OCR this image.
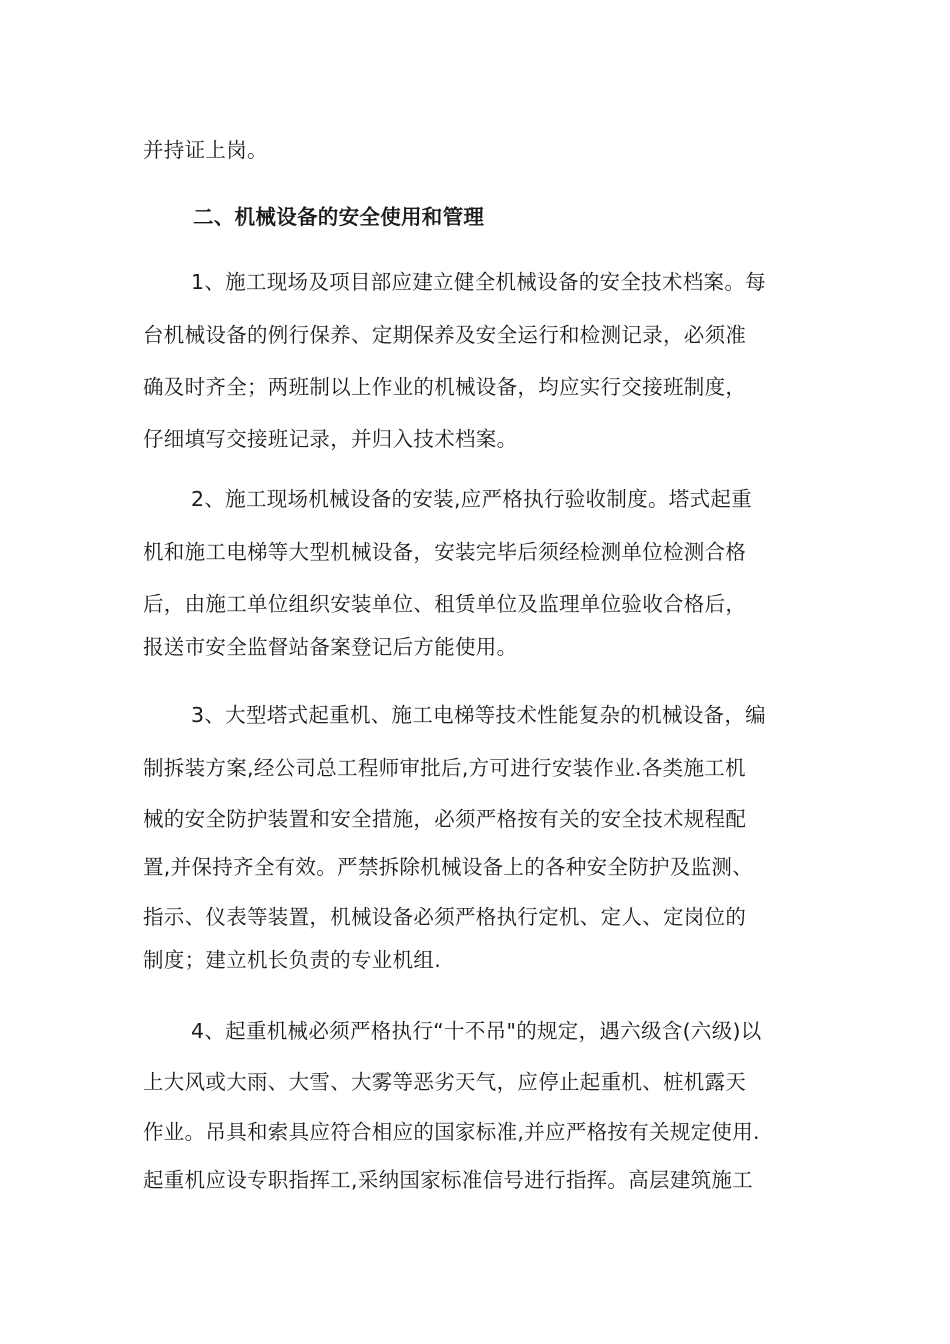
并持证上岗。
二、机械设备的安全使用和管理
1、施工现场及项目部应建立健全机械设备的安全技术档案。每
台机械设备的例行保养、定期保养及安全运行和检测记录，必须准
确及时齐全；两班制以上作业的机械设备，均应实行交接班制度，
仔细填写交接班记录，并归入技术档案。
2、施工现场机械设备的安装,应严格执行验收制度。塔式起重
机和施工电梯等大型机械设备，安装完毕后须经检测单位检测合格
后，由施工单位组织安装单位、租赁单位及监理单位验收合格后，
报送市安全监督站备案登记后方能使用。
3、大型塔式起重机、施工电梯等技术性能复杂的机械设备，编
制拆装方案,经公司总工程师审批后,方可进行安装作业.各类施工机
械的安全防护装置和安全措施，必须严格按有关的安全技术规程配
置,并保持齐全有效。严禁拆除机械设备上的各种安全防护及监测、
指示、仪表等装置，机械设备必须严格执行定机、定人、定岗位的
制度；建立机长负责的专业机组.
4、起重机械必须严格执行“十不吊"的规定，遇六级含(六级)以
上大风或大雨、大雪、大雾等恶劣天气，应停止起重机、桩机露天
作业。吊具和索具应符合相应的国家标准,并应严格按有关规定使用.
起重机应设专职指挥工,采纳国家标准信号进行指挥。高层建筑施工
